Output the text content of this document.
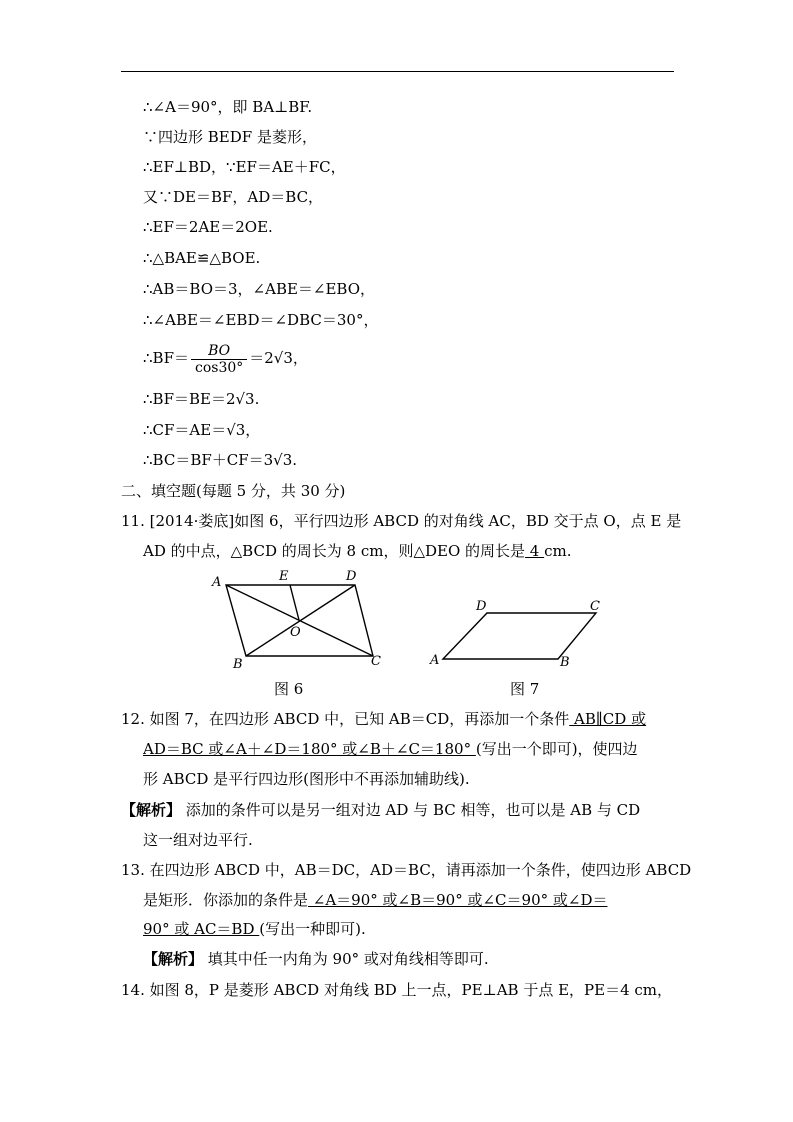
∴∠A＝90°，即 BA⊥BF.
∵四边形 BEDF 是菱形，
∴EF⊥BD，∵EF＝AE＋FC，
又∵DE＝BF，AD＝BC，
∴EF＝2AE＝2OE.
∴△BAE≌△BOE.
∴AB＝BO＝3，∠ABE＝∠EBO，
∴∠ABE＝∠EBD＝∠DBC＝30°，
∴BF＝ $\frac{BO}{\cos 30^\circ} =2√3$，
∴BF＝BE＝2√3.
∴CF＝AE＝√3，
∴BC＝BF＋CF＝3√3.
二、填空题(每题 5 分，共 30 分)
11. [2014·娄底]如图 6，平行四边形 ABCD 的对角线 AC，BD 交于点 O，点 E 是
AD 的中点，△BCD 的周长为 8 cm，则△DEO 的周长是 4 cm.
A	E	D
O
B	C
D	C
A	B
图 6	图 7
12. 如图 7，在四边形 ABCD 中，已知 AB＝CD，再添加一个条件 AB∥CD 或
AD＝BC 或∠A＋∠D＝180° 或∠B＋∠C＝180° (写出一个即可)，使四边
形 ABCD 是平行四边形(图形中不再添加辅助线).
【解析】 添加的条件可以是另一组对边 AD 与 BC 相等，也可以是 AB 与 CD
这一组对边平行.
13. 在四边形 ABCD 中，AB＝DC，AD＝BC，请再添加一个条件，使四边形 ABCD
是矩形．你添加的条件是 ∠A＝90° 或∠B＝90° 或∠C＝90° 或∠D＝
90° 或 AC＝BD (写出一种即可).
【解析】 填其中任一内角为 90° 或对角线相等即可.
14. 如图 8，P 是菱形 ABCD 对角线 BD 上一点，PE⊥AB 于点 E，PE＝4 cm，
